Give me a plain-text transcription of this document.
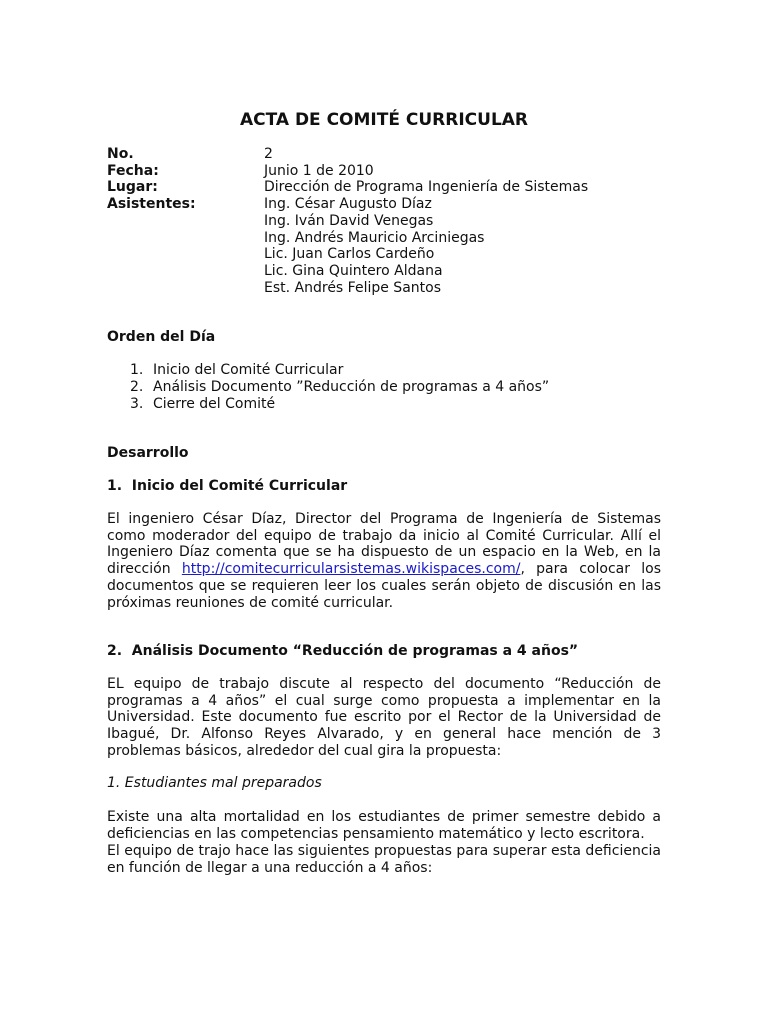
ACTA DE COMITÉ CURRICULAR
No.	2
Fecha:	Junio 1 de 2010
Lugar:	Dirección de Programa Ingeniería de Sistemas
Asistentes:	Ing. César Augusto Díaz
Ing. Iván David Venegas
Ing. Andrés Mauricio Arciniegas
Lic. Juan Carlos Cardeño
Lic. Gina Quintero Aldana
Est. Andrés Felipe Santos
Orden del Día
1. Inicio del Comité Curricular
2. Análisis Documento ”Reducción de programas a 4 años”
3. Cierre del Comité
Desarrollo
1.  Inicio del Comité Curricular
El ingeniero César Díaz, Director del Programa de Ingeniería de Sistemas como moderador del equipo de trabajo da inicio al Comité Curricular. Allí el Ingeniero Díaz comenta que se ha dispuesto de un espacio en la Web, en la dirección http://comitecurricularsistemas.wikispaces.com/, para colocar los documentos que se requieren leer los cuales serán objeto de discusión en las próximas reuniones de comité curricular.
2.  Análisis Documento “Reducción de programas a 4 años”
EL equipo de trabajo discute al respecto del documento “Reducción de programas a 4 años” el cual surge como propuesta a implementar en la Universidad. Este documento fue escrito por el Rector de la Universidad de Ibagué, Dr. Alfonso Reyes Alvarado, y en general hace mención de 3 problemas básicos, alrededor del cual gira la propuesta:
1. Estudiantes mal preparados
Existe una alta mortalidad en los estudiantes de primer semestre debido a deficiencias en las competencias pensamiento matemático y lecto escritora.
El equipo de trajo hace las siguientes propuestas para superar esta deficiencia en función de llegar a una reducción a 4 años:
